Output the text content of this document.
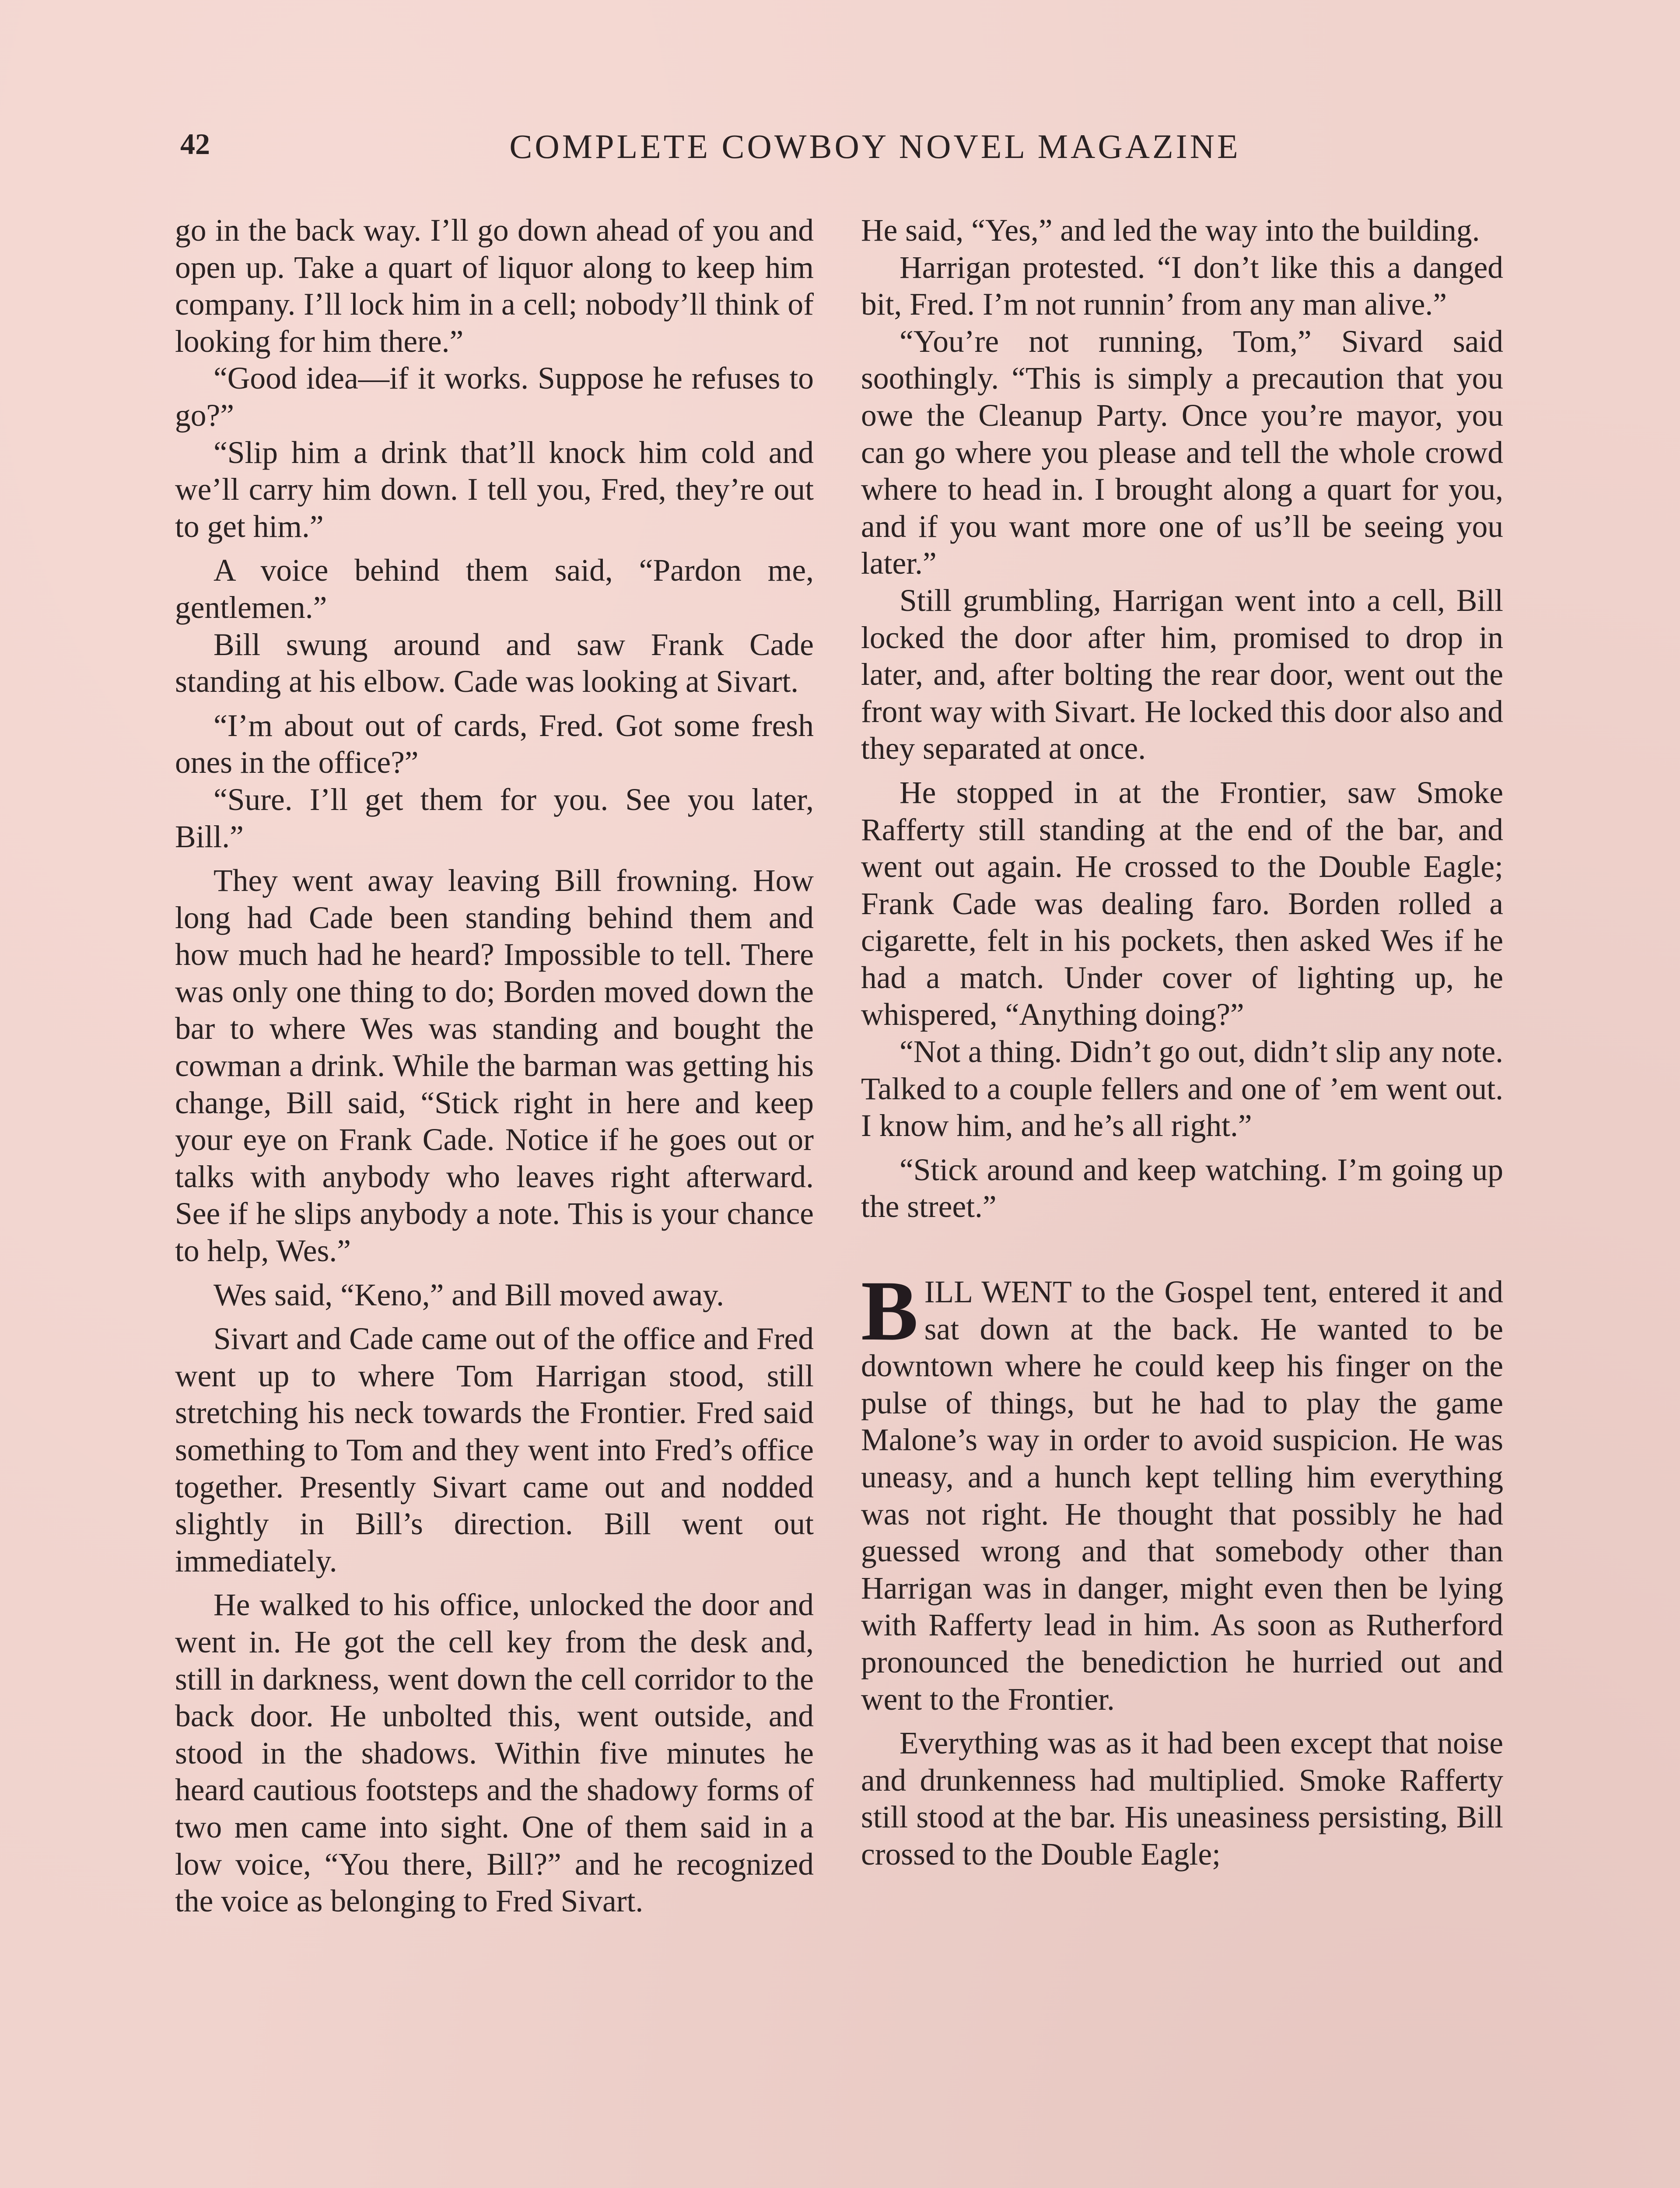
42	COMPLETE COWBOY NOVEL MAGAZINE

go in the back way. I’ll go down ahead of you and open up. Take a quart of liquor along to keep him company. I’ll lock him in a cell; nobody’ll think of looking for him there.”

“Good idea—if it works. Suppose he refuses to go?”

“Slip him a drink that’ll knock him cold and we’ll carry him down. I tell you, Fred, they’re out to get him.”

A voice behind them said, “Pardon me, gentlemen.”

Bill swung around and saw Frank Cade standing at his elbow. Cade was looking at Sivart.

“I’m about out of cards, Fred. Got some fresh ones in the office?”

“Sure. I’ll get them for you. See you later, Bill.”

They went away leaving Bill frowning. How long had Cade been standing behind them and how much had he heard? Impossible to tell. There was only one thing to do; Borden moved down the bar to where Wes was standing and bought the cowman a drink. While the barman was getting his change, Bill said, “Stick right in here and keep your eye on Frank Cade. Notice if he goes out or talks with anybody who leaves right afterward. See if he slips anybody a note. This is your chance to help, Wes.”

Wes said, “Keno,” and Bill moved away.

Sivart and Cade came out of the office and Fred went up to where Tom Harrigan stood, still stretching his neck towards the Frontier. Fred said something to Tom and they went into Fred’s office together. Presently Sivart came out and nodded slightly in Bill’s direction. Bill went out immediately.

He walked to his office, unlocked the door and went in. He got the cell key from the desk and, still in darkness, went down the cell corridor to the back door. He unbolted this, went outside, and stood in the shadows. Within five minutes he heard cautious footsteps and the shadowy forms of two men came into sight. One of them said in a low voice, “You there, Bill?” and he recognized the voice as belonging to Fred Sivart.

He said, “Yes,” and led the way into the building.

Harrigan protested. “I don’t like this a danged bit, Fred. I’m not runnin’ from any man alive.”

“You’re not running, Tom,” Sivard said soothingly. “This is simply a precaution that you owe the Cleanup Party. Once you’re mayor, you can go where you please and tell the whole crowd where to head in. I brought along a quart for you, and if you want more one of us’ll be seeing you later.”

Still grumbling, Harrigan went into a cell, Bill locked the door after him, promised to drop in later, and, after bolting the rear door, went out the front way with Sivart. He locked this door also and they separated at once.

He stopped in at the Frontier, saw Smoke Rafferty still standing at the end of the bar, and went out again. He crossed to the Double Eagle; Frank Cade was dealing faro. Borden rolled a cigarette, felt in his pockets, then asked Wes if he had a match. Under cover of lighting up, he whispered, “Anything doing?”

“Not a thing. Didn’t go out, didn’t slip any note. Talked to a couple fellers and one of ’em went out. I know him, and he’s all right.”

“Stick around and keep watching. I’m going up the street.”

BILL WENT to the Gospel tent, entered it and sat down at the back. He wanted to be downtown where he could keep his finger on the pulse of things, but he had to play the game Malone’s way in order to avoid suspicion. He was uneasy, and a hunch kept telling him everything was not right. He thought that possibly he had guessed wrong and that somebody other than Harrigan was in danger, might even then be lying with Rafferty lead in him. As soon as Rutherford pronounced the benediction he hurried out and went to the Frontier.

Everything was as it had been except that noise and drunkenness had multiplied. Smoke Rafferty still stood at the bar. His uneasiness persisting, Bill crossed to the Double Eagle;
